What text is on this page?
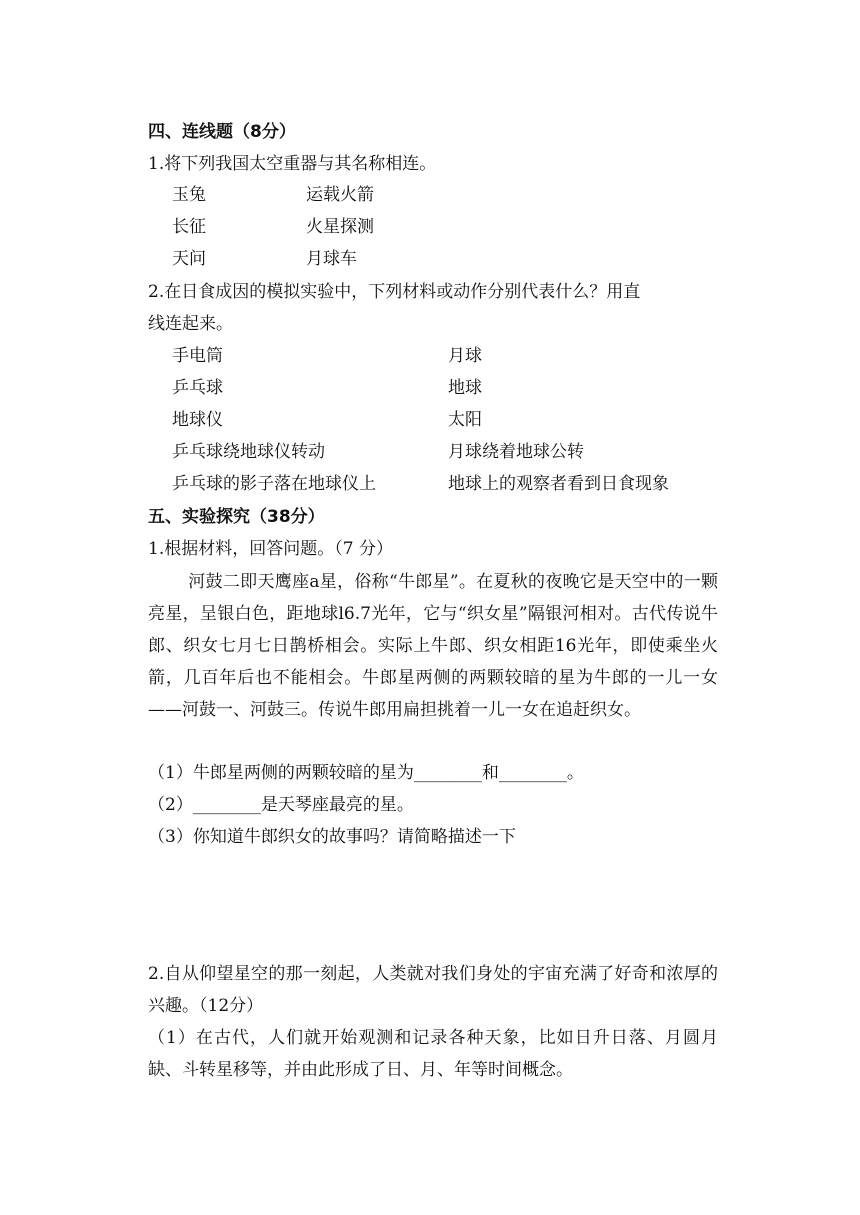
四、连线题（8分）
1.将下列我国太空重器与其名称相连。
玉兔	运载火箭
长征	火星探测
天问	月球车
2.在日食成因的模拟实验中，下列材料或动作分别代表什么？用直
线连起来。
手电筒	月球
乒乓球	地球
地球仪	太阳
乒乓球绕地球仪转动	月球绕着地球公转
乒乓球的影子落在地球仪上	地球上的观察者看到日食现象
五、实验探究（38分）
1.根据材料，回答问题。（7 分）
河鼓二即天鹰座a星，俗称“牛郎星”。在夏秋的夜晚它是天空中的一颗亮星，呈银白色，距地球l6.7光年，它与“织女星”隔银河相对。古代传说牛郎、织女七月七日鹊桥相会。实际上牛郎、织女相距16光年，即使乘坐火箭，几百年后也不能相会。牛郎星两侧的两颗较暗的星为牛郎的一儿一女——河鼓一、河鼓三。传说牛郎用扁担挑着一儿一女在追赶织女。
（1）牛郎星两侧的两颗较暗的星为________和________。
（2）________是天琴座最亮的星。
（3）你知道牛郎织女的故事吗？请简略描述一下
2.自从仰望星空的那一刻起，人类就对我们身处的宇宙充满了好奇和浓厚的兴趣。（12分）
（1）在古代，人们就开始观测和记录各种天象，比如日升日落、月圆月缺、斗转星移等，并由此形成了日、月、年等时间概念。
